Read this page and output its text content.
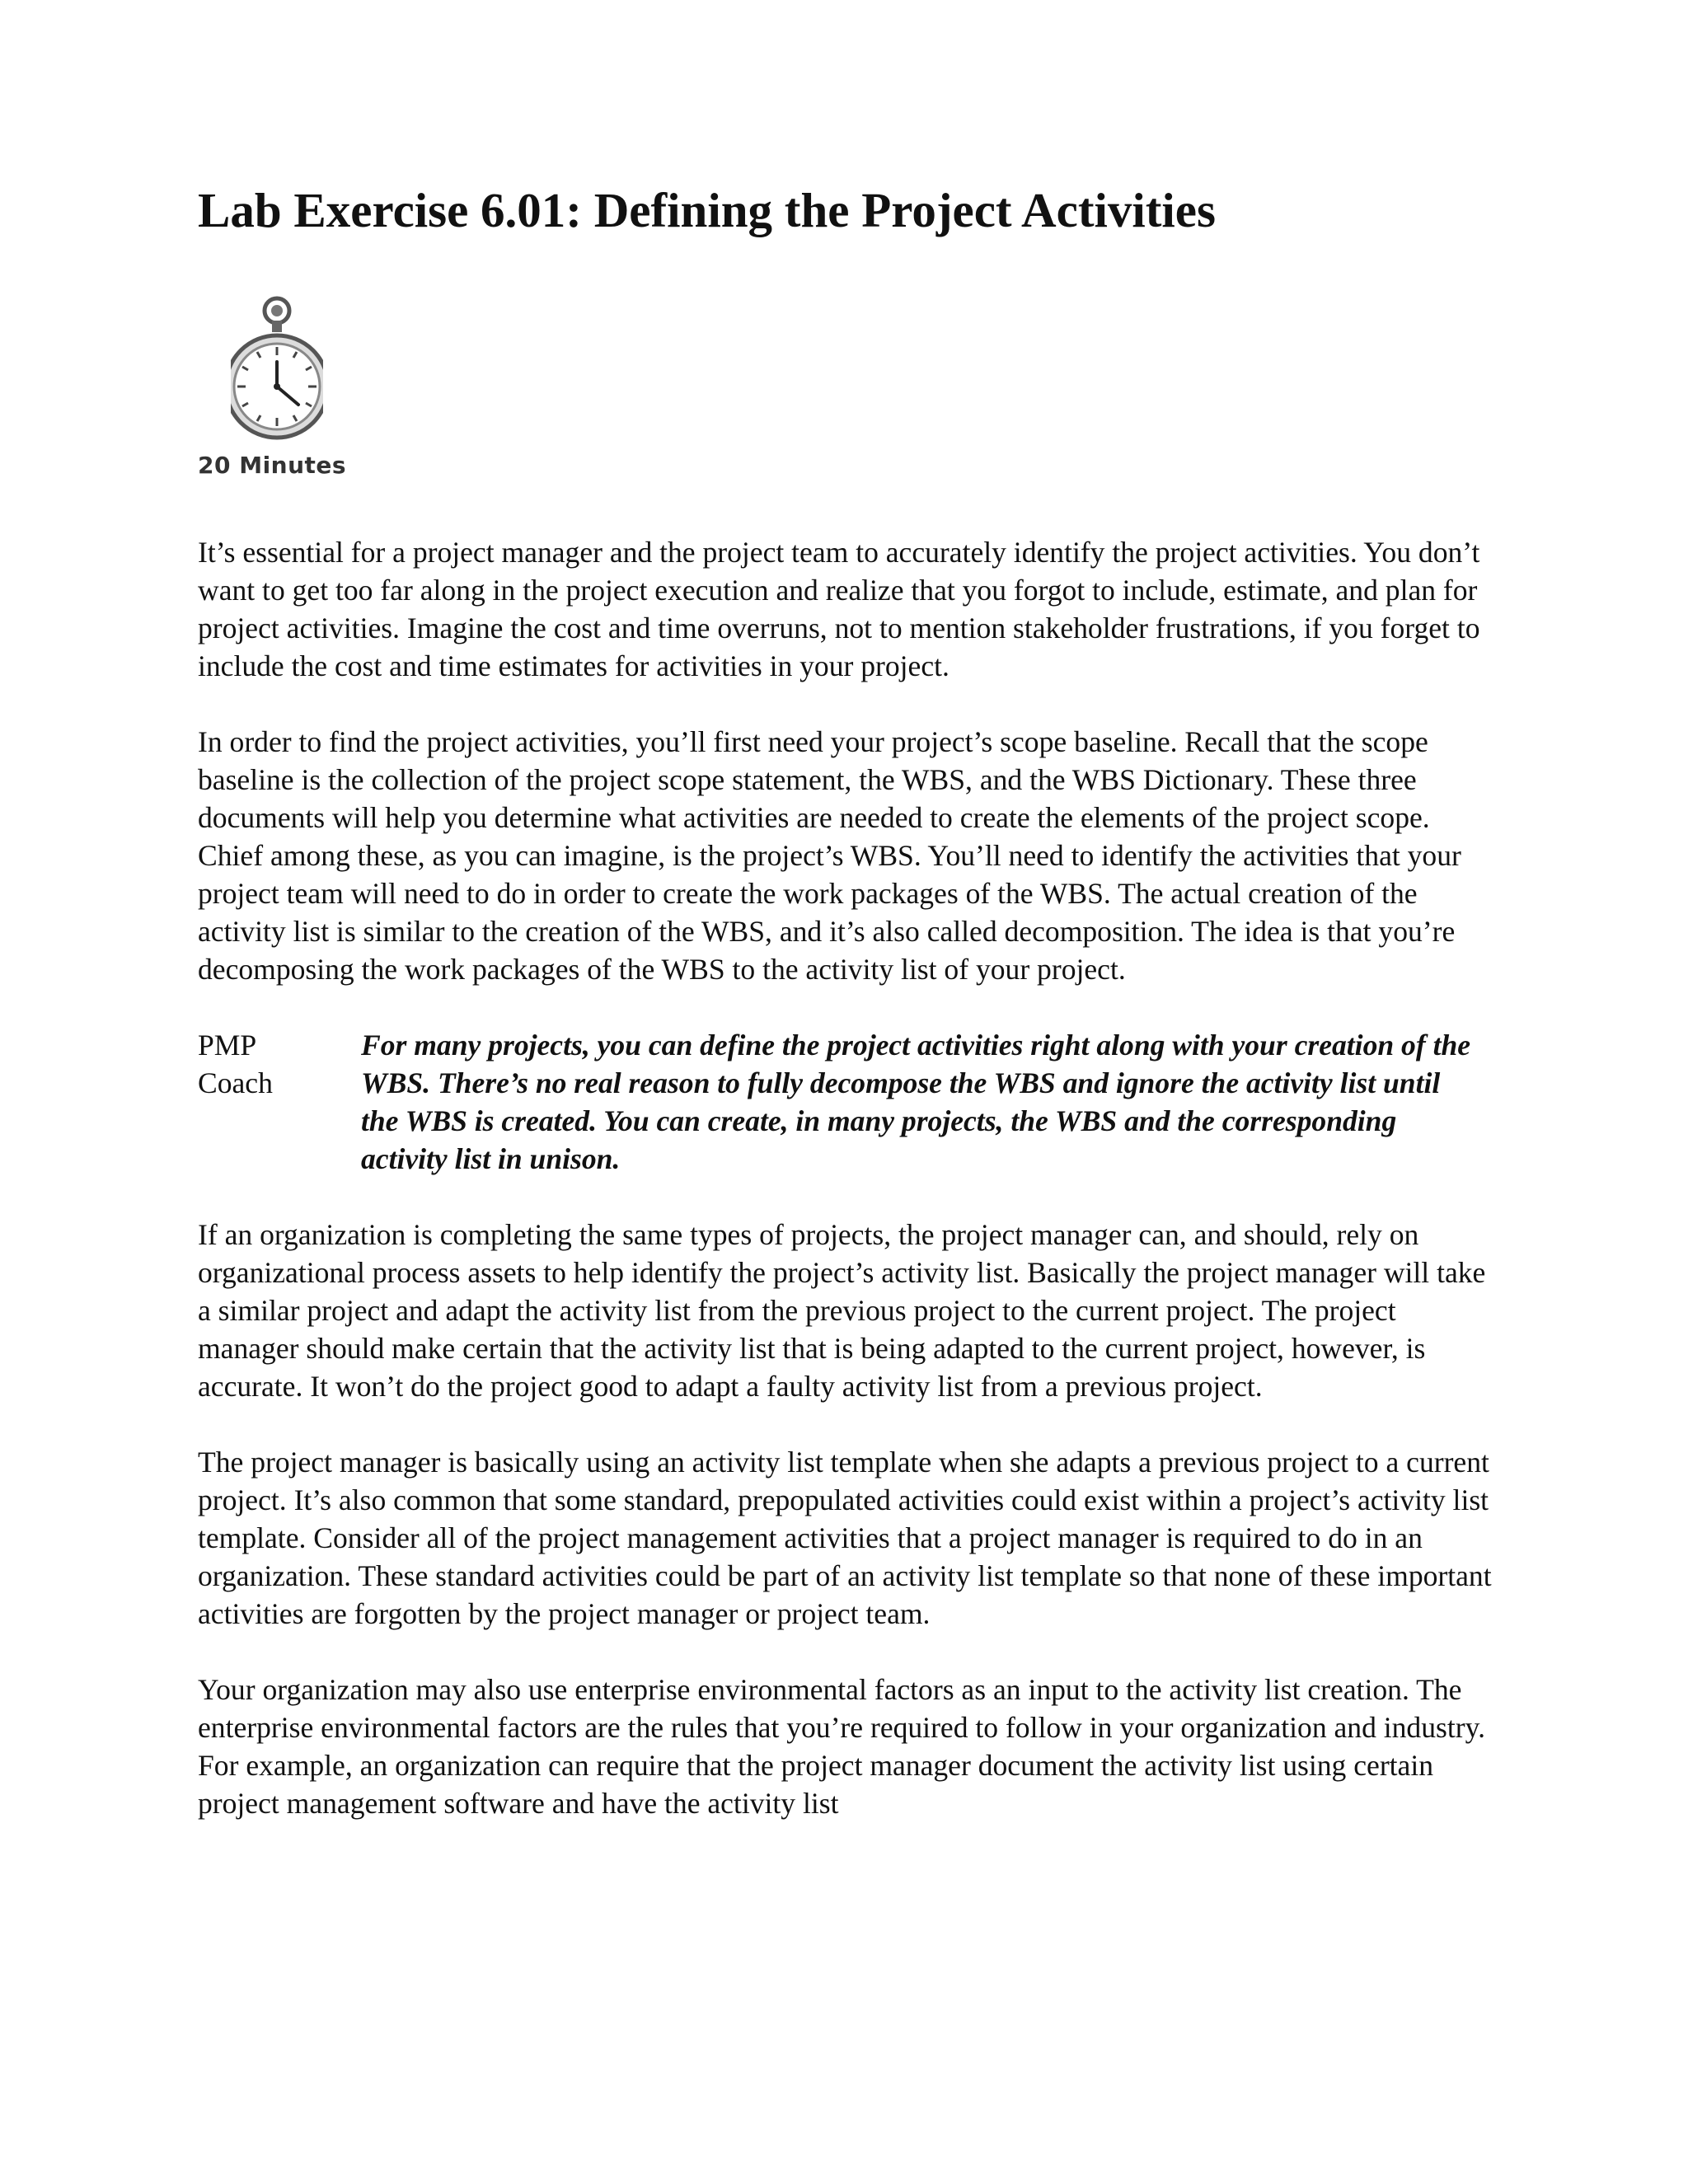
Lab Exercise 6.01: Defining the Project Activities
20 Minutes

It’s essential for a project manager and the project team to accurately identify the project activities. You don’t want to get too far along in the project execution and realize that you forgot to include, estimate, and plan for project activities. Imagine the cost and time overruns, not to mention stakeholder frustrations, if you forget to include the cost and time estimates for activities in your project.

In order to find the project activities, you’ll first need your project’s scope baseline. Recall that the scope baseline is the collection of the project scope statement, the WBS, and the WBS Dictionary. These three documents will help you determine what activities are needed to create the elements of the project scope. Chief among these, as you can imagine, is the project’s WBS. You’ll need to identify the activities that your project team will need to do in order to create the work packages of the WBS. The actual creation of the activity list is similar to the creation of the WBS, and it’s also called decomposition. The idea is that you’re decomposing the work packages of the WBS to the activity list of your project.

PMP
Coach
For many projects, you can define the project activities right along with your creation of the WBS. There’s no real reason to fully decompose the WBS and ignore the activity list until the WBS is created. You can create, in many projects, the WBS and the corresponding activity list in unison.

If an organization is completing the same types of projects, the project manager can, and should, rely on organizational process assets to help identify the project’s activity list. Basically the project manager will take a similar project and adapt the activity list from the previous project to the current project. The project manager should make certain that the activity list that is being adapted to the current project, however, is accurate. It won’t do the project good to adapt a faulty activity list from a previous project.

The project manager is basically using an activity list template when she adapts a previous project to a current project. It’s also common that some standard, prepopulated activities could exist within a project’s activity list template. Consider all of the project management activities that a project manager is required to do in an organization. These standard activities could be part of an activity list template so that none of these important activities are forgotten by the project manager or project team.

Your organization may also use enterprise environmental factors as an input to the activity list creation. The enterprise environmental factors are the rules that you’re required to follow in your organization and industry. For example, an organization can require that the project manager document the activity list using certain project management software and have the activity list
